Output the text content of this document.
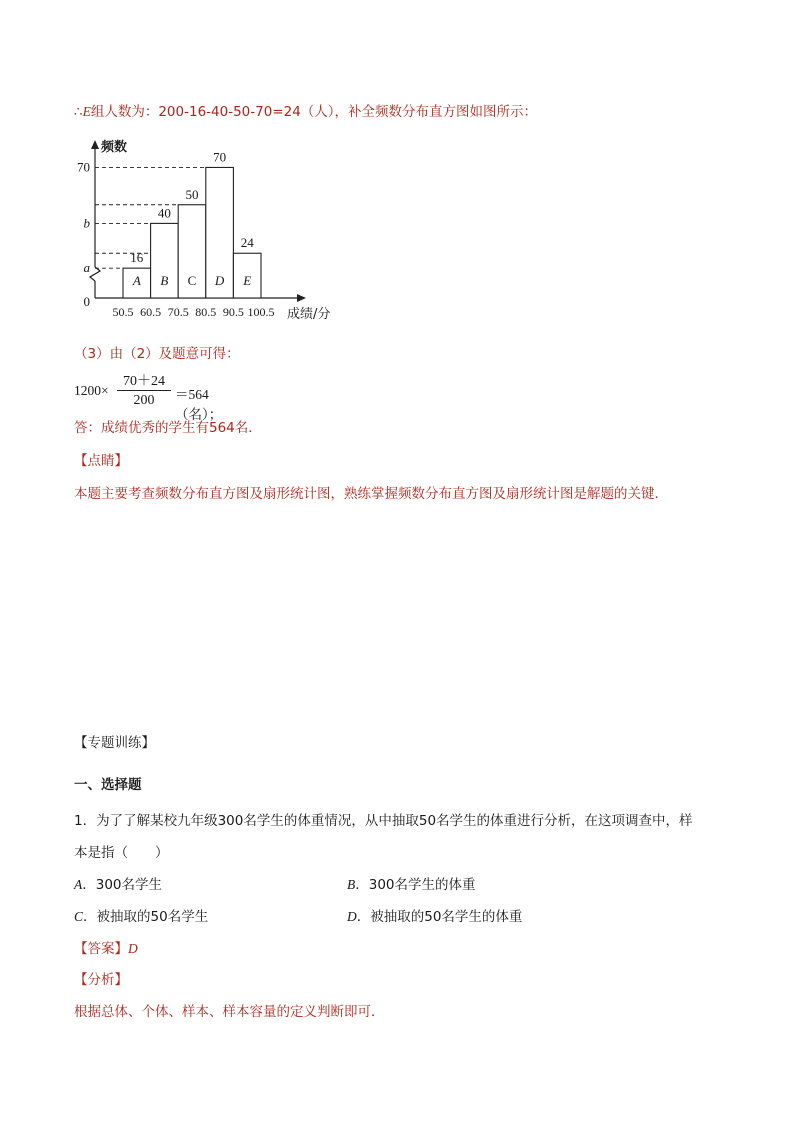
∴E组人数为：200-16-40-50-70=24（人），补全频数分布直方图如图所示：
频数
成绩/分
70
b
a
0
16
A
40
B
50
C
70
D
24
E
50.5 60.5 70.5 80.5 90.5 100.5
（3）由（2）及题意可得：
1200×
70＋24
200	＝564（名）；
答：成绩优秀的学生有564名．
【点睛】
本题主要考查频数分布直方图及扇形统计图，熟练掌握频数分布直方图及扇形统计图是解题的关键．
【专题训练】
一、选择题
1．为了了解某校九年级300名学生的体重情况，从中抽取50名学生的体重进行分析，在这项调查中，样
本是指（　　）
A．300名学生	B．300名学生的体重
C．被抽取的50名学生	D．被抽取的50名学生的体重
【答案】D
【分析】
根据总体、个体、样本、样本容量的定义判断即可．
